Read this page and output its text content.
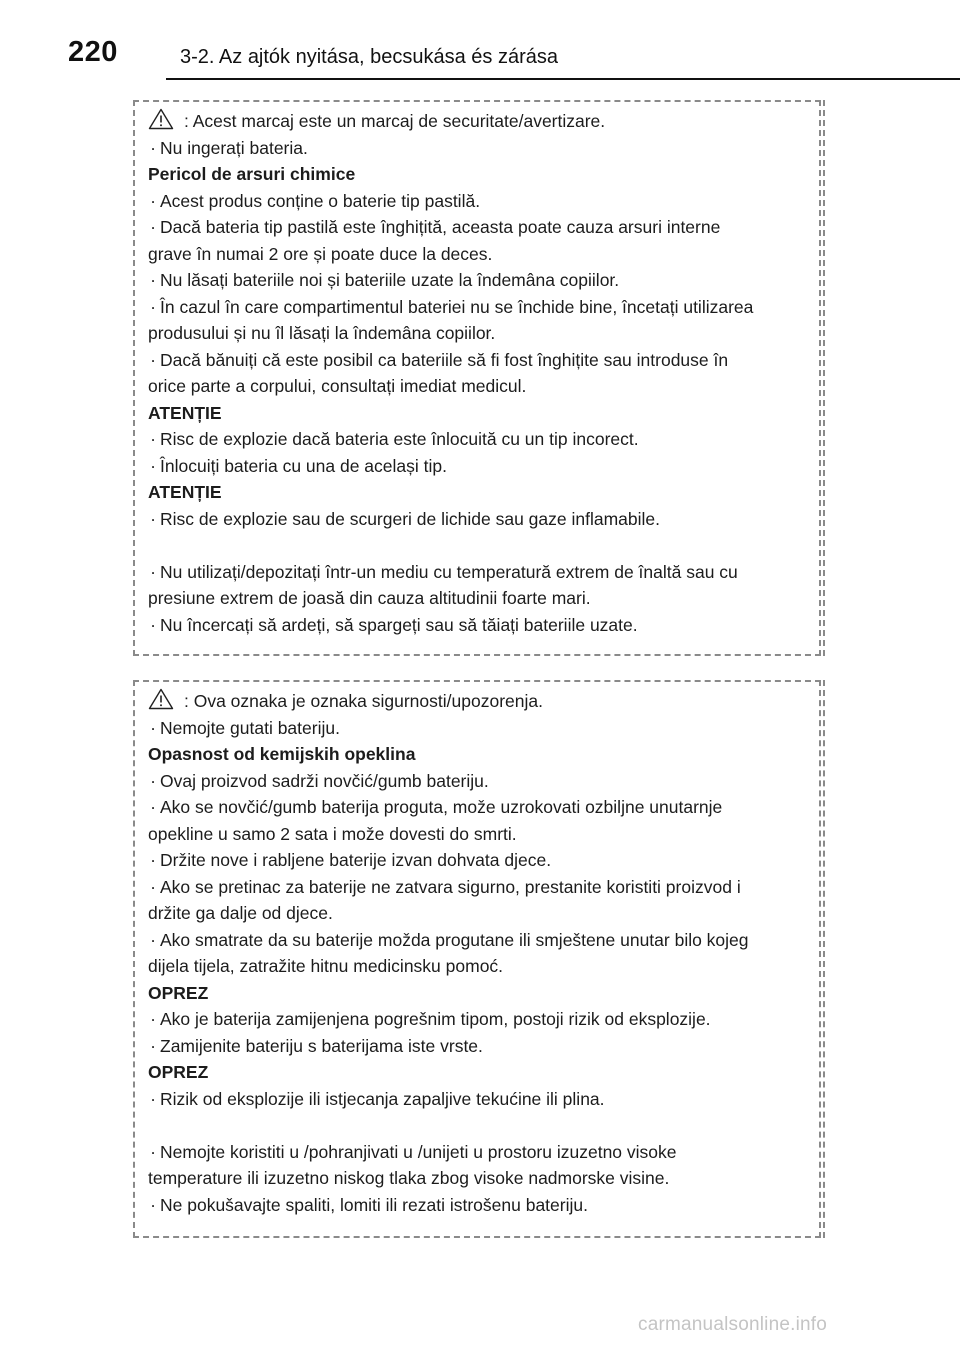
220	3-2. Az ajtók nyitása, becsukása és zárása
: Acest marcaj este un marcaj de securitate/avertizare.
· Nu ingerați bateria.
Pericol de arsuri chimice
· Acest produs conține o baterie tip pastilă.
· Dacă bateria tip pastilă este înghițită, aceasta poate cauza arsuri interne
grave în numai 2 ore și poate duce la deces.
· Nu lăsați bateriile noi și bateriile uzate la îndemâna copiilor.
· În cazul în care compartimentul bateriei nu se închide bine, încetați utilizarea
produsului și nu îl lăsați la îndemâna copiilor.
· Dacă bănuiți că este posibil ca bateriile să fi fost înghițite sau introduse în
orice parte a corpului, consultați imediat medicul.
ATENȚIE
· Risc de explozie dacă bateria este înlocuită cu un tip incorect.
· Înlocuiți bateria cu una de același tip.
ATENȚIE
· Risc de explozie sau de scurgeri de lichide sau gaze inflamabile.
· Nu utilizați/depozitați într-un mediu cu temperatură extrem de înaltă sau cu
presiune extrem de joasă din cauza altitudinii foarte mari.
· Nu încercați să ardeți, să spargeți sau să tăiați bateriile uzate.
: Ova oznaka je oznaka sigurnosti/upozorenja.
· Nemojte gutati bateriju.
Opasnost od kemijskih opeklina
· Ovaj proizvod sadrži novčić/gumb bateriju.
· Ako se novčić/gumb baterija proguta, može uzrokovati ozbiljne unutarnje
opekline u samo 2 sata i može dovesti do smrti.
· Držite nove i rabljene baterije izvan dohvata djece.
· Ako se pretinac za baterije ne zatvara sigurno, prestanite koristiti proizvod i
držite ga dalje od djece.
· Ako smatrate da su baterije možda progutane ili smještene unutar bilo kojeg
dijela tijela, zatražite hitnu medicinsku pomoć.
OPREZ
· Ako je baterija zamijenjena pogrešnim tipom, postoji rizik od eksplozije.
· Zamijenite bateriju s baterijama iste vrste.
OPREZ
· Rizik od eksplozije ili istjecanja zapaljive tekućine ili plina.
· Nemojte koristiti u /pohranjivati u /unijeti u prostoru izuzetno visoke
temperature ili izuzetno niskog tlaka zbog visoke nadmorske visine.
· Ne pokušavajte spaliti, lomiti ili rezati istrošenu bateriju.
carmanualsonline.info
